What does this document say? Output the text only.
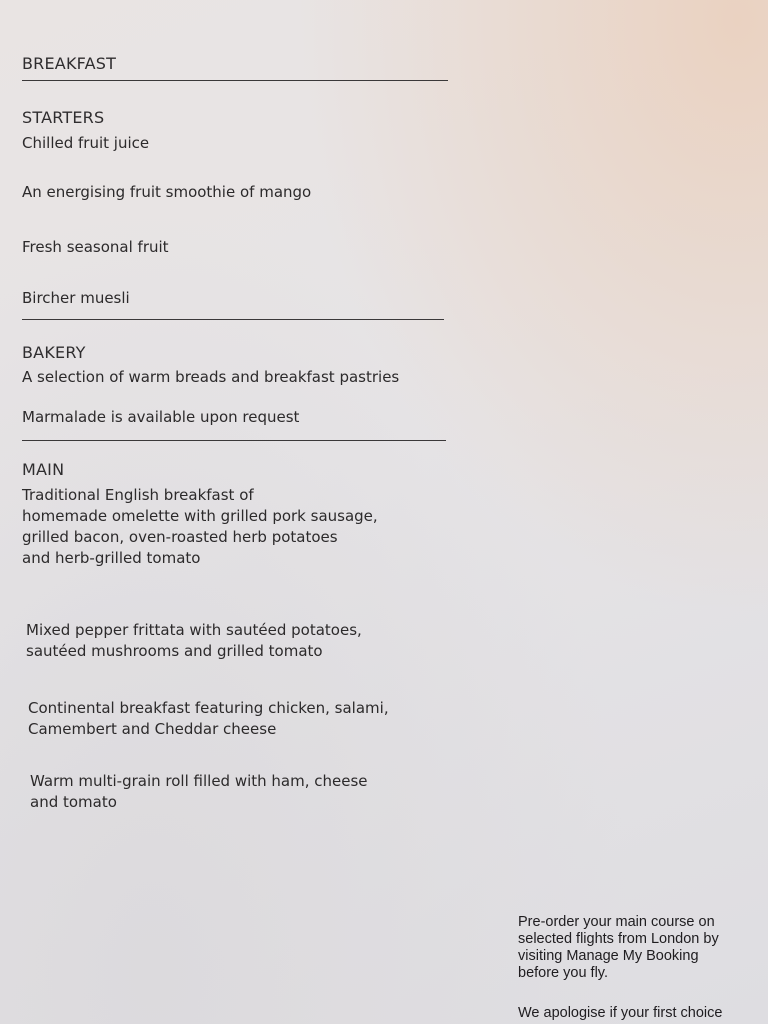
BREAKFAST
STARTERS
Chilled fruit juice
An energising fruit smoothie of mango
Fresh seasonal fruit
Bircher muesli
BAKERY
A selection of warm breads and breakfast pastries
Marmalade is available upon request
MAIN
Traditional English breakfast of
homemade omelette with grilled pork sausage,
grilled bacon, oven-roasted herb potatoes
and herb-grilled tomato
Mixed pepper frittata with sautéed potatoes,
sautéed mushrooms and grilled tomato
Continental breakfast featuring chicken, salami,
Camembert and Cheddar cheese
Warm multi-grain roll filled with ham, cheese
and tomato
Pre-order your main course on
selected flights from London by
visiting Manage My Booking
before you fly.
We apologise if your first choice
